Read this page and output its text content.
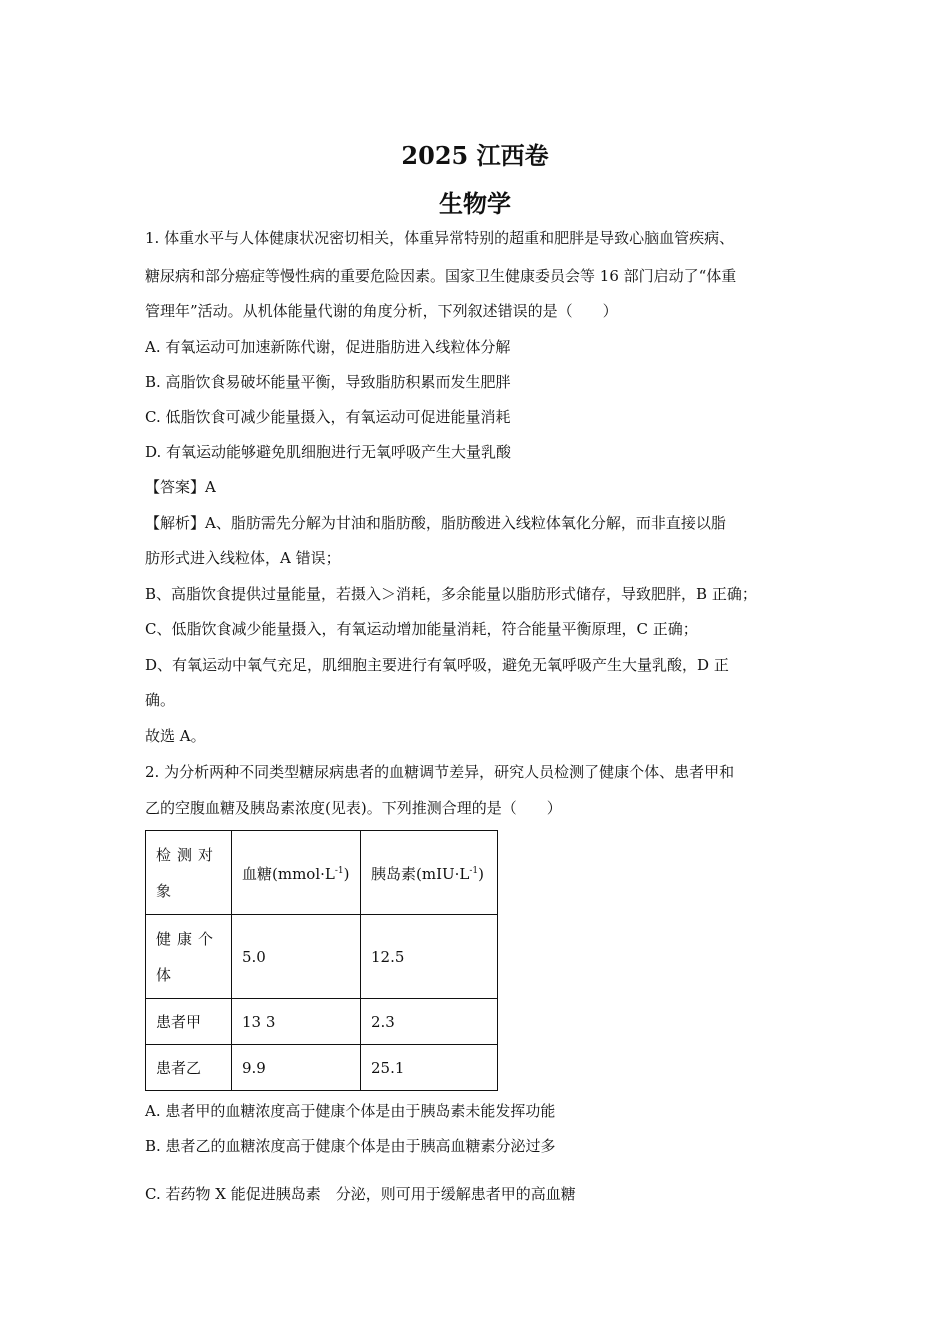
2025 江西卷
生物学

1. 体重水平与人体健康状况密切相关，体重异常特别的超重和肥胖是导致心脑血管疾病、

糖尿病和部分癌症等慢性病的重要危险因素。国家卫生健康委员会等 16 部门启动了“体重

管理年”活动。从机体能量代谢的角度分析，下列叙述错误的是（　　）

A. 有氧运动可加速新陈代谢，促进脂肪进入线粒体分解

B. 高脂饮食易破坏能量平衡，导致脂肪积累而发生肥胖

C. 低脂饮食可减少能量摄入，有氧运动可促进能量消耗

D. 有氧运动能够避免肌细胞进行无氧呼吸产生大量乳酸

【答案】A

【解析】A、脂肪需先分解为甘油和脂肪酸，脂肪酸进入线粒体氧化分解，而非直接以脂

肪形式进入线粒体，A 错误；

B、高脂饮食提供过量能量，若摄入＞消耗，多余能量以脂肪形式储存，导致肥胖，B 正确；

C、低脂饮食减少能量摄入，有氧运动增加能量消耗，符合能量平衡原理，C 正确；

D、有氧运动中氧气充足，肌细胞主要进行有氧呼吸，避免无氧呼吸产生大量乳酸，D 正

确。

故选 A。

2. 为分析两种不同类型糖尿病患者的血糖调节差异，研究人员检测了健康个体、患者甲和

乙的空腹血糖及胰岛素浓度(见表)。下列推测合理的是（　　）

检测对
象	血糖$(mmol\cdot L^{-1})$	胰岛素$(mIU\cdot L^{-1})$

健康个
体	5.0	12.5
患者甲	13 3	2.3
患者乙	9.9	25.1

A. 患者甲的血糖浓度高于健康个体是由于胰岛素未能发挥功能

B. 患者乙的血糖浓度高于健康个体是由于胰高血糖素分泌过多

C. 若药物 X 能促进胰岛素　分泌，则可用于缓解患者甲的高血糖
